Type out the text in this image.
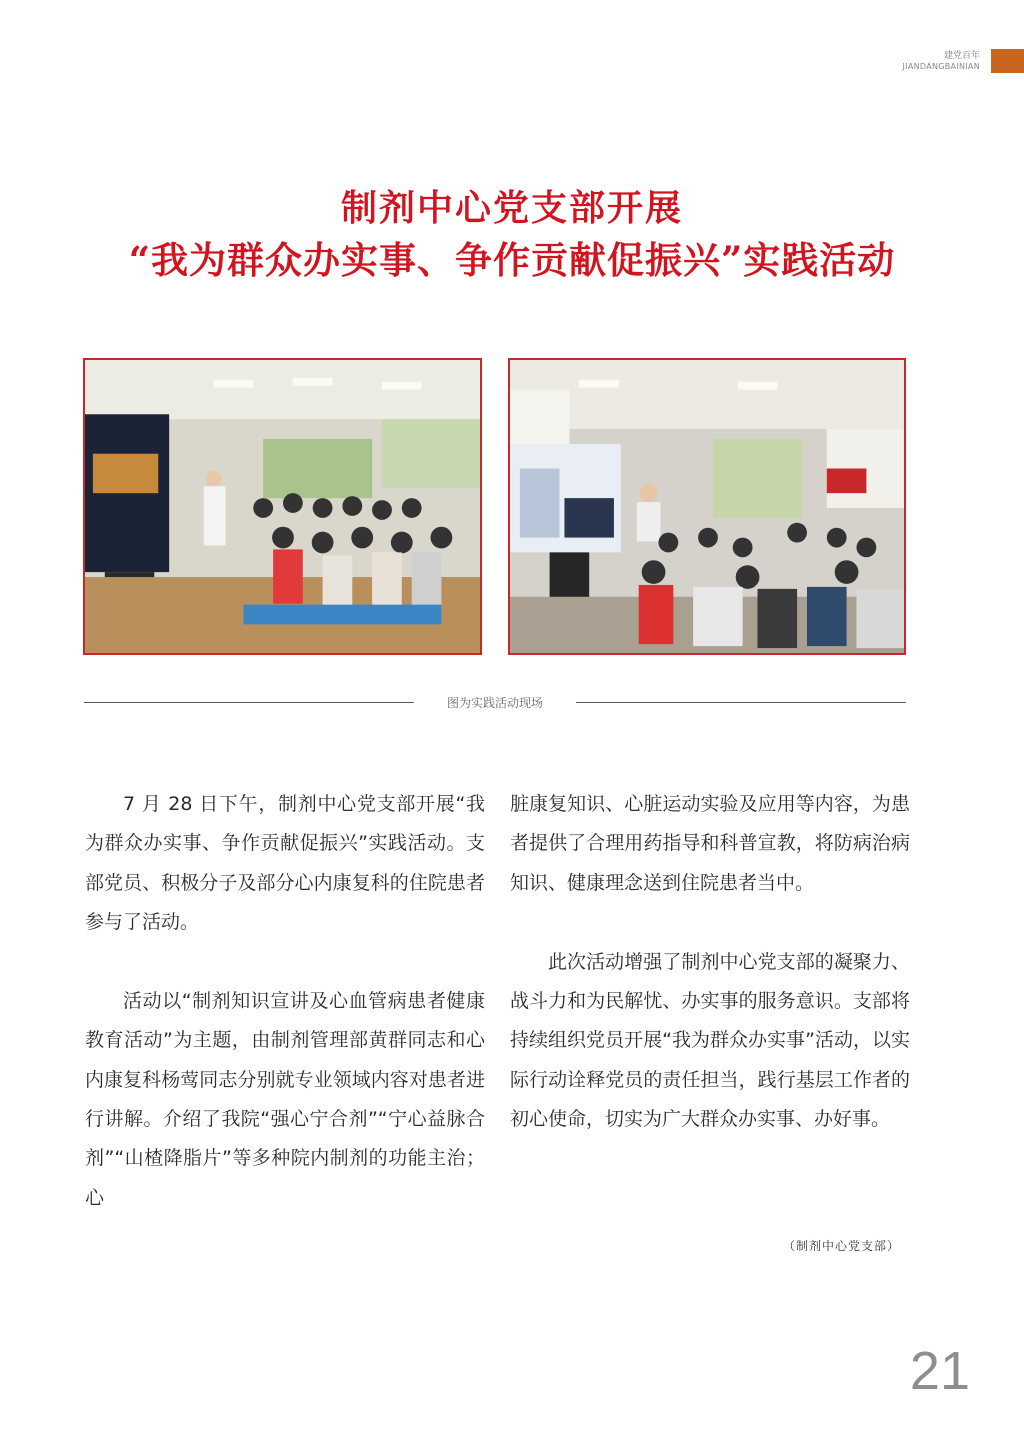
建党百年
JIANDANGBAINIAN
制剂中心党支部开展
“我为群众办实事、争作贡献促振兴”实践活动
图为实践活动现场

7 月 28 日下午，制剂中心党支部开展“我为群众办实事、争作贡献促振兴”实践活动。支部党员、积极分子及部分心内康复科的住院患者参与了活动。

活动以“制剂知识宣讲及心血管病患者健康教育活动”为主题，由制剂管理部黄群同志和心内康复科杨莺同志分别就专业领域内容对患者进行讲解。介绍了我院“强心宁合剂”“宁心益脉合剂”“山楂降脂片”等多种院内制剂的功能主治；心

脏康复知识、心脏运动实验及应用等内容，为患者提供了合理用药指导和科普宣教，将防病治病知识、健康理念送到住院患者当中。

此次活动增强了制剂中心党支部的凝聚力、战斗力和为民解忧、办实事的服务意识。支部将持续组织党员开展“我为群众办实事”活动，以实际行动诠释党员的责任担当，践行基层工作者的初心使命，切实为广大群众办实事、办好事。

（制剂中心党支部）
21
